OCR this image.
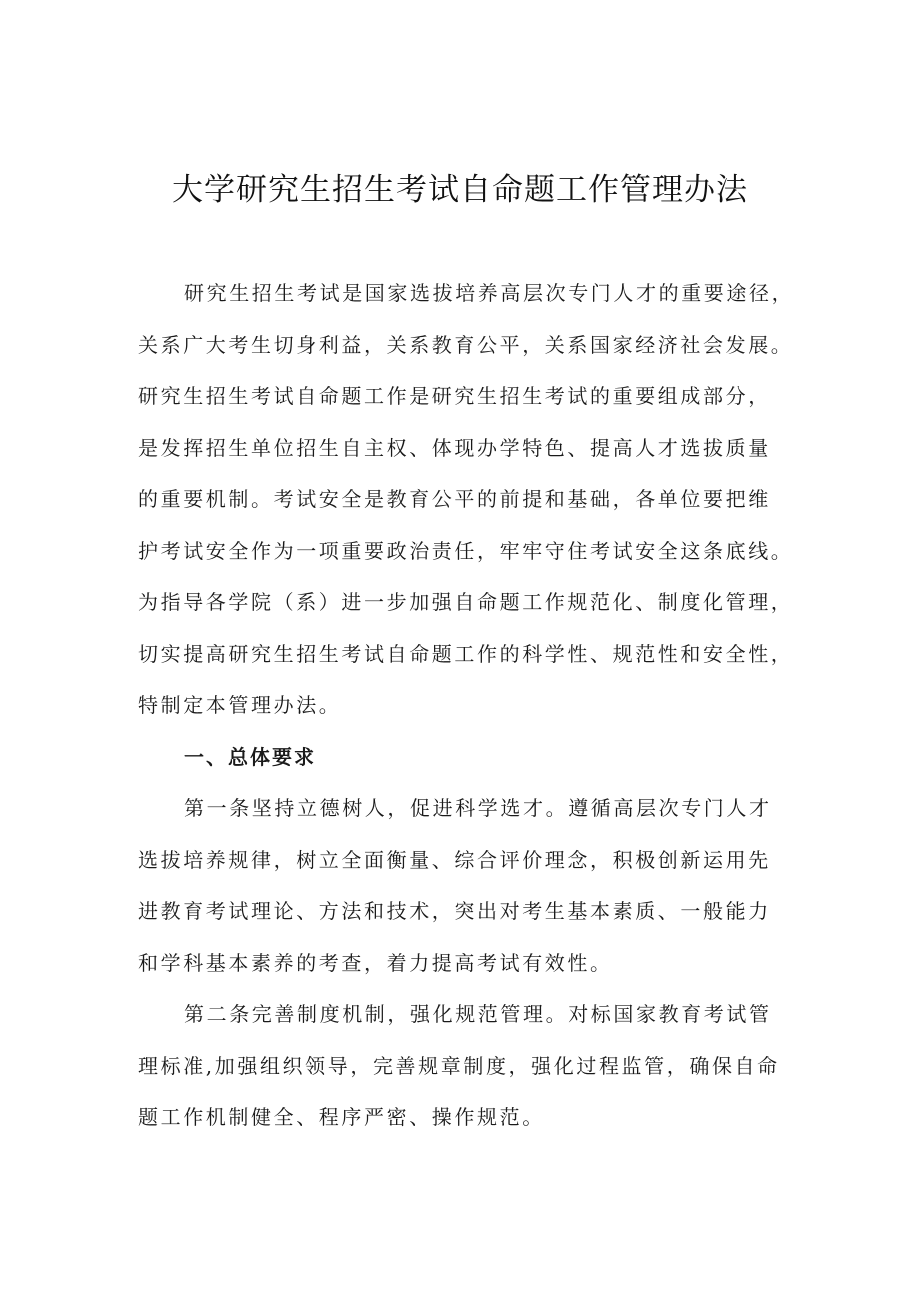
大学研究生招生考试自命题工作管理办法
研究生招生考试是国家选拔培养高层次专门人才的重要途径，
关系广大考生切身利益，关系教育公平，关系国家经济社会发展。
研究生招生考试自命题工作是研究生招生考试的重要组成部分，
是发挥招生单位招生自主权、体现办学特色、提高人才选拔质量
的重要机制。考试安全是教育公平的前提和基础，各单位要把维
护考试安全作为一项重要政治责任，牢牢守住考试安全这条底线。
为指导各学院（系）进一步加强自命题工作规范化、制度化管理，
切实提高研究生招生考试自命题工作的科学性、规范性和安全性，
特制定本管理办法。
一、总体要求
第一条坚持立德树人，促进科学选才。遵循高层次专门人才
选拔培养规律，树立全面衡量、综合评价理念，积极创新运用先
进教育考试理论、方法和技术，突出对考生基本素质、一般能力
和学科基本素养的考查，着力提高考试有效性。
第二条完善制度机制，强化规范管理。对标国家教育考试管
理标准,加强组织领导，完善规章制度，强化过程监管，确保自命
题工作机制健全、程序严密、操作规范。
